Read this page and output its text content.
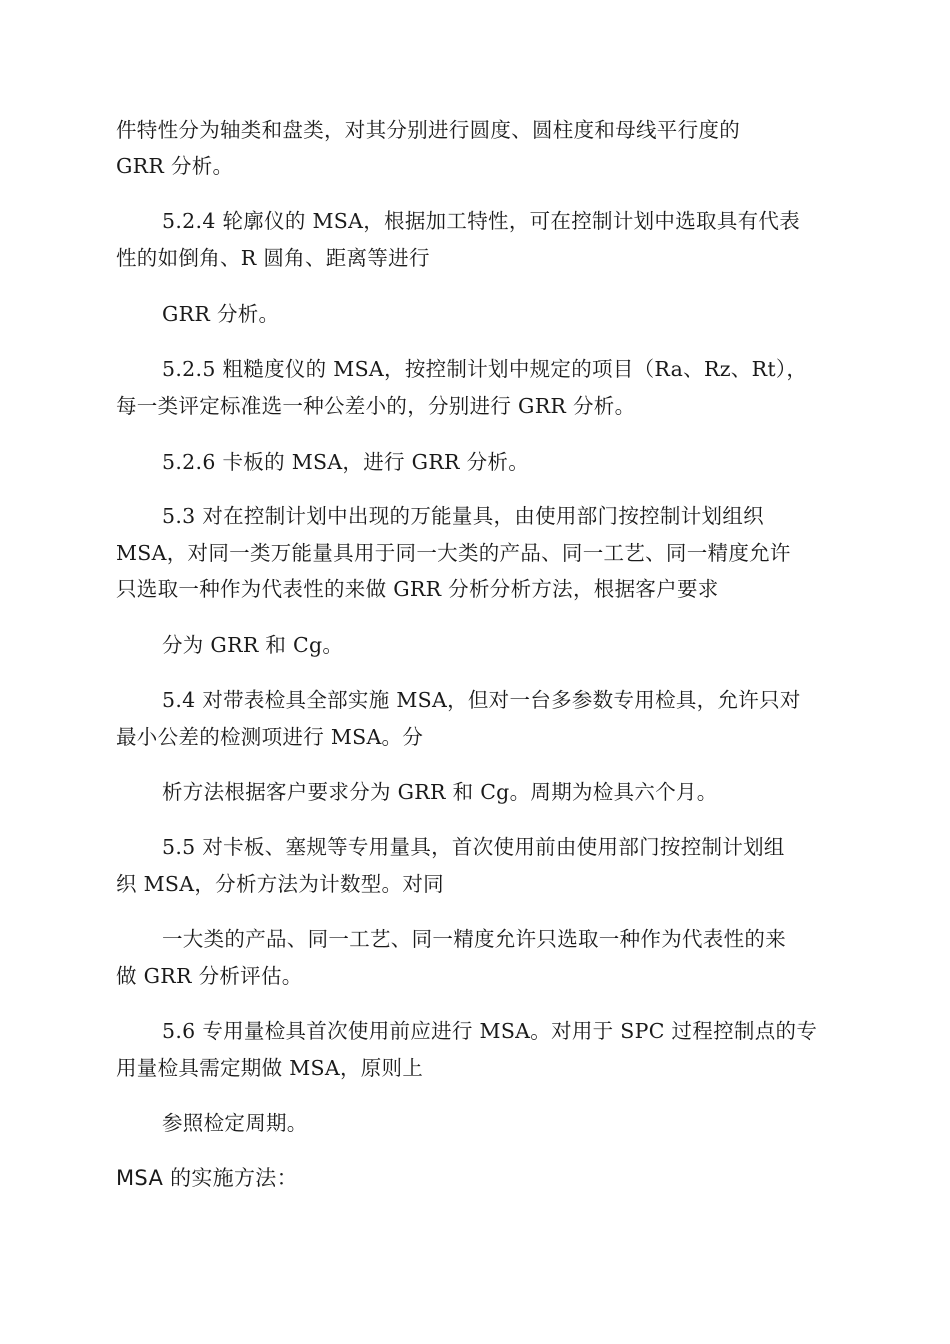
件特性分为轴类和盘类，对其分别进行圆度、圆柱度和母线平行度的
GRR 分析。
5.2.4 轮廓仪的 MSA，根据加工特性，可在控制计划中选取具有代表
性的如倒角、R 圆角、距离等进行
GRR 分析。
5.2.5 粗糙度仪的 MSA，按控制计划中规定的项目（Ra、Rz、Rt），
每一类评定标准选一种公差小的，分别进行 GRR 分析。
5.2.6 卡板的 MSA，进行 GRR 分析。
5.3 对在控制计划中出现的万能量具，由使用部门按控制计划组织
MSA，对同一类万能量具用于同一大类的产品、同一工艺、同一精度允许
只选取一种作为代表性的来做 GRR 分析分析方法，根据客户要求
分为 GRR 和 Cg。
5.4 对带表检具全部实施 MSA，但对一台多参数专用检具，允许只对
最小公差的检测项进行 MSA。分
析方法根据客户要求分为 GRR 和 Cg。周期为检具六个月。
5.5 对卡板、塞规等专用量具，首次使用前由使用部门按控制计划组
织 MSA，分析方法为计数型。对同
一大类的产品、同一工艺、同一精度允许只选取一种作为代表性的来
做 GRR 分析评估。
5.6 专用量检具首次使用前应进行 MSA。对用于 SPC 过程控制点的专
用量检具需定期做 MSA，原则上
参照检定周期。
MSA 的实施方法：
